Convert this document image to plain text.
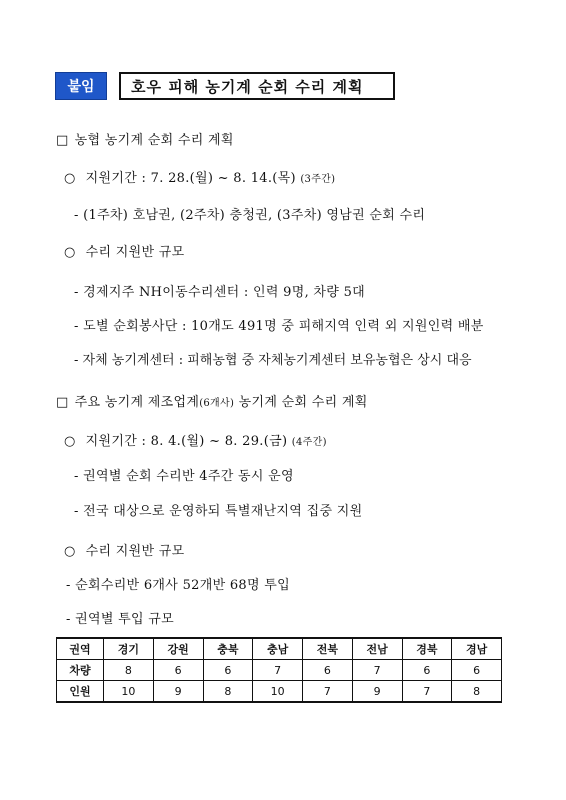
붙임	호우 피해 농기계 순회 수리 계획
□ 농협 농기계 순회 수리 계획
○ 지원기간 : 7. 28.(월) ~ 8. 14.(목) (3주간)
- (1주차) 호남권, (2주차) 충청권, (3주차) 영남권 순회 수리
○ 수리 지원반 규모
- 경제지주 NH이동수리센터 : 인력 9명, 차량 5대
- 도별 순회봉사단 : 10개도 491명 중 피해지역 인력 외 지원인력 배분
- 자체 농기계센터 : 피해농협 중 자체농기계센터 보유농협은 상시 대응
□ 주요 농기계 제조업계(6개사) 농기계 순회 수리 계획
○ 지원기간 : 8. 4.(월) ~ 8. 29.(금) (4주간)
- 권역별 순회 수리반 4주간 동시 운영
- 전국 대상으로 운영하되 특별재난지역 집중 지원
○ 수리 지원반 규모
- 순회수리반 6개사 52개반 68명 투입
- 권역별 투입 규모
권역	경기	강원	충북	충남	전북	전남	경북	경남
차량	8	6	6	7	6	7	6	6
인원	10	9	8	10	7	9	7	8
